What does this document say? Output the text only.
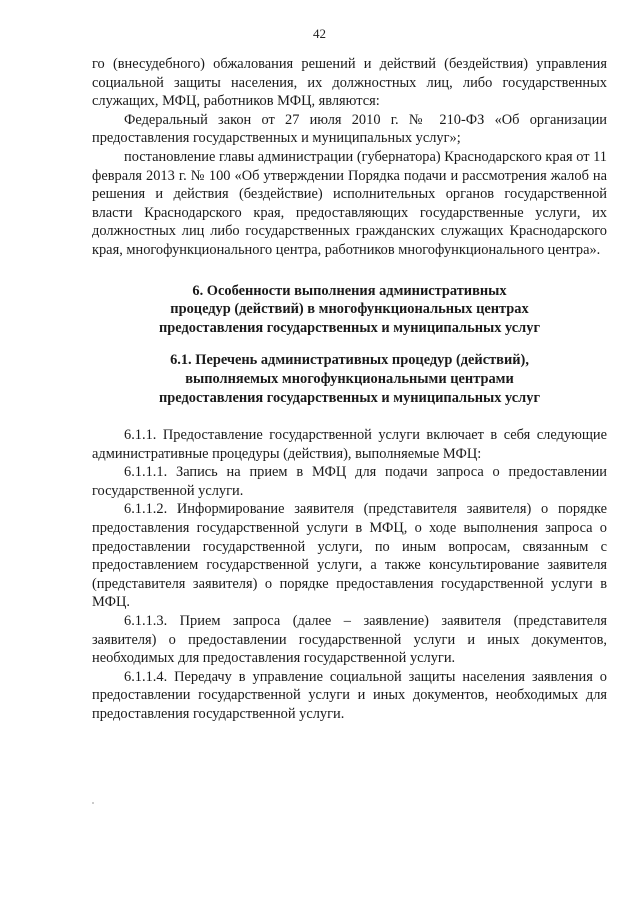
42

го (внесудебного) обжалования решений и действий (бездействия) управления социальной защиты населения, их должностных лиц, либо государственных служащих, МФЦ, работников МФЦ, являются:

Федеральный закон от 27 июля 2010 г. № 210-ФЗ «Об организации предоставления государственных и муниципальных услуг»;

постановление главы администрации (губернатора) Краснодарского края от 11 февраля 2013 г. № 100 «Об утверждении Порядка подачи и рассмотрения жалоб на решения и действия (бездействие) исполнительных органов государственной власти Краснодарского края, предоставляющих государственные услуги, их должностных лиц либо государственных гражданских служащих Краснодарского края, многофункционального центра, работников многофункционального центра».

6. Особенности выполнения административных
процедур (действий) в многофункциональных центрах
предоставления государственных и муниципальных услуг
6.1. Перечень административных процедур (действий),
выполняемых многофункциональными центрами
предоставления государственных и муниципальных услуг

6.1.1. Предоставление государственной услуги включает в себя следующие административные процедуры (действия), выполняемые МФЦ:

6.1.1.1. Запись на прием в МФЦ для подачи запроса о предоставлении государственной услуги.

6.1.1.2. Информирование заявителя (представителя заявителя) о порядке предоставления государственной услуги в МФЦ, о ходе выполнения запроса о предоставлении государственной услуги, по иным вопросам, связанным с предоставлением государственной услуги, а также консультирование заявителя (представителя заявителя) о порядке предоставления государственной услуги в МФЦ.

6.1.1.3. Прием запроса (далее – заявление) заявителя (представителя заявителя) о предоставлении государственной услуги и иных документов, необходимых для предоставления государственной услуги.

6.1.1.4. Передачу в управление социальной защиты населения заявления о предоставлении государственной услуги и иных документов, необходимых для предоставления государственной услуги.
